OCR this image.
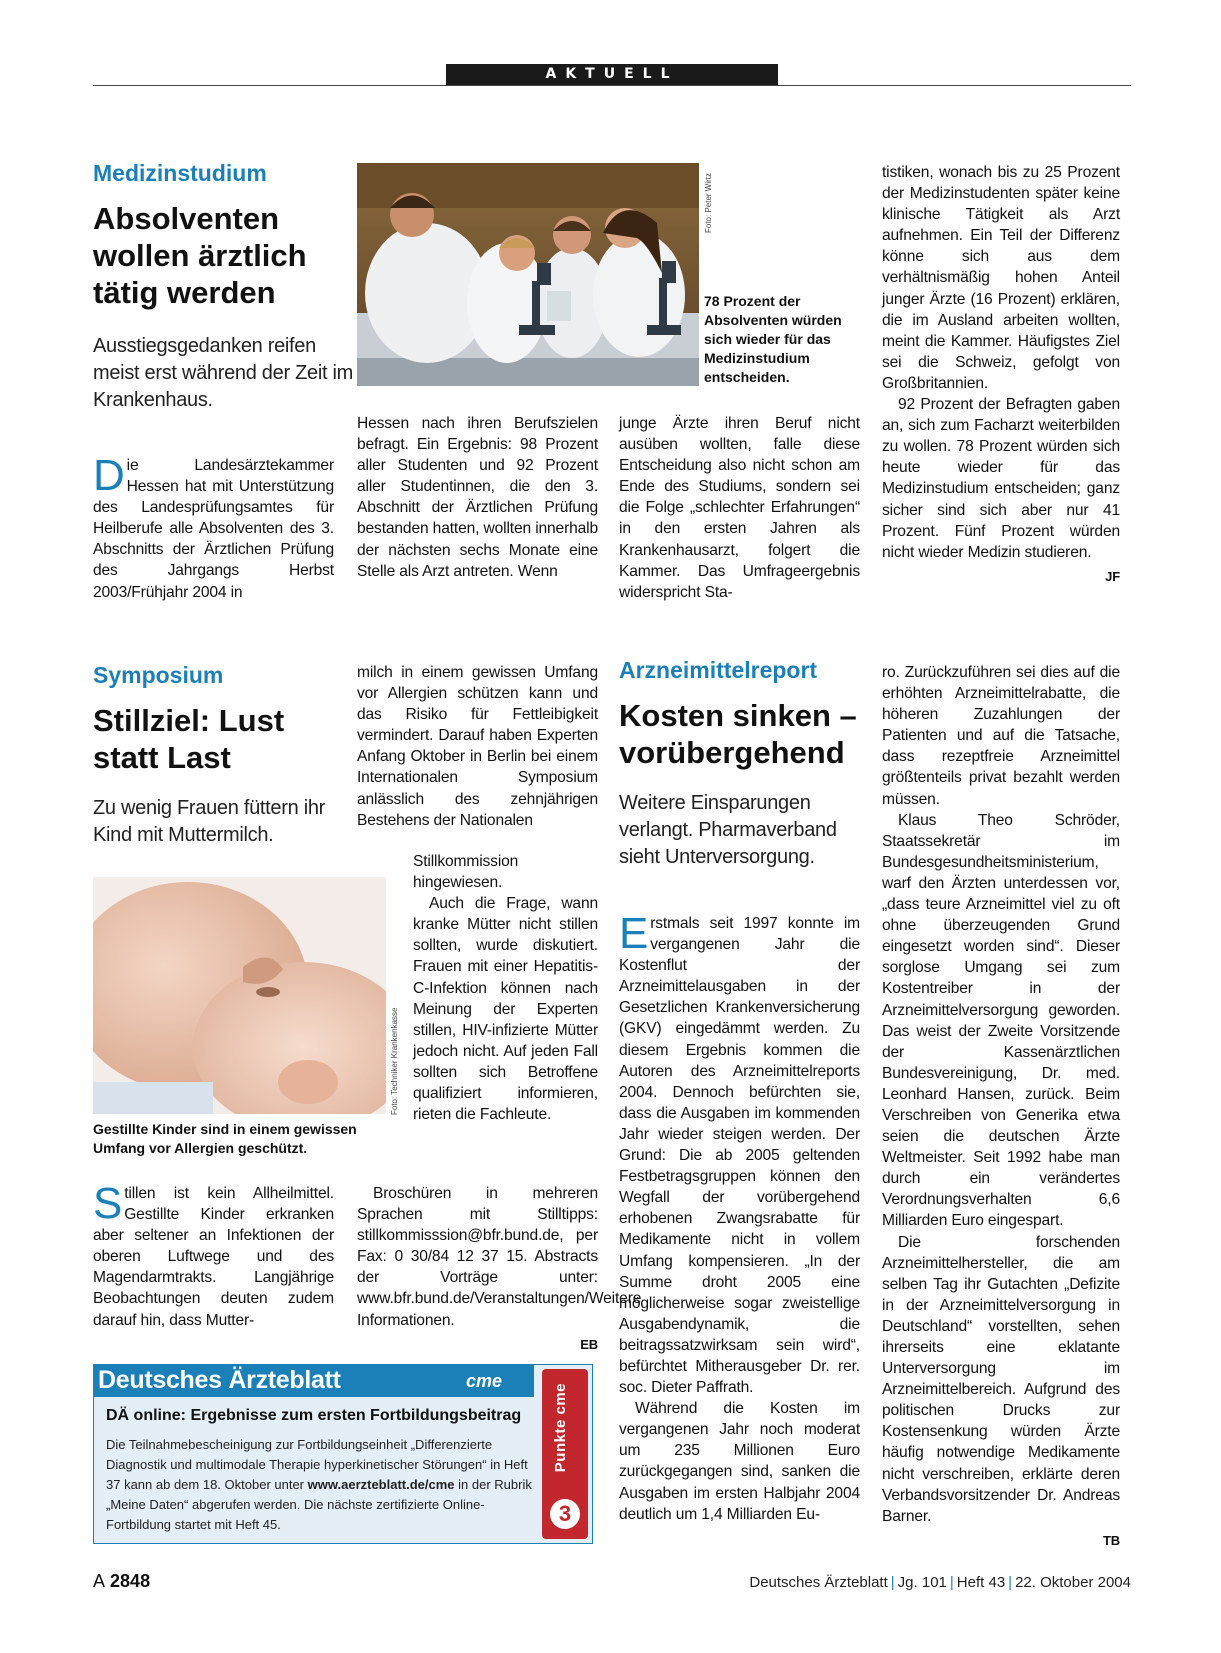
AKTUELL
Medizinstudium
Absolventen wollen ärztlich tätig werden
Ausstiegsgedanken reifen meist erst während der Zeit im Krankenhaus.

Die Landesärztekammer Hessen hat mit Unterstützung des Landesprüfungsamtes für Heilberufe alle Absolventen des 3. Abschnitts der Ärztlichen Prüfung des Jahrgangs Herbst 2003/Frühjahr 2004 in

Foto: Peter Wirtz
78 Prozent der Absolventen würden sich wieder für das Medizinstudium entscheiden.

Hessen nach ihren Berufszielen befragt. Ein Ergebnis: 98 Prozent aller Studenten und 92 Prozent aller Studentinnen, die den 3. Abschnitt der Ärztlichen Prüfung bestanden hatten, wollten innerhalb der nächsten sechs Monate eine Stelle als Arzt antreten. Wenn

junge Ärzte ihren Beruf nicht ausüben wollten, falle diese Entscheidung also nicht schon am Ende des Studiums, sondern sei die Folge „schlechter Erfahrungen“ in den ersten Jahren als Krankenhausarzt, folgert die Kammer. Das Umfrageergebnis widerspricht Sta-

tistiken, wonach bis zu 25 Prozent der Medizinstudenten später keine klinische Tätigkeit als Arzt aufnehmen. Ein Teil der Differenz könne sich aus dem verhältnismäßig hohen Anteil junger Ärzte (16 Prozent) erklären, die im Ausland arbeiten wollten, meint die Kammer. Häufigstes Ziel sei die Schweiz, gefolgt von Großbritannien.

92 Prozent der Befragten gaben an, sich zum Facharzt weiterbilden zu wollen. 78 Prozent würden sich heute wieder für das Medizinstudium entscheiden; ganz sicher sind sich aber nur 41 Prozent. Fünf Prozent würden nicht wieder Medizin studieren.

JF
Symposium
Stillziel: Lust statt Last
Zu wenig Frauen füttern ihr Kind mit Muttermilch.
Foto: Techniker Krankenkasse
Gestillte Kinder sind in einem gewissen Umfang vor Allergien geschützt.

Stillen ist kein Allheilmittel. Gestillte Kinder erkranken aber seltener an Infektionen der oberen Luftwege und des Magendarmtrakts. Langjährige Beobachtungen deuten zudem darauf hin, dass Mutter-

milch in einem gewissen Umfang vor Allergien schützen kann und das Risiko für Fettleibigkeit vermindert. Darauf haben Experten Anfang Oktober in Berlin bei einem Internationalen Symposium anlässlich des zehnjährigen Bestehens der Nationalen

Stillkommission hingewiesen.

Auch die Frage, wann kranke Mütter nicht stillen sollten, wurde diskutiert. Frauen mit einer Hepatitis-C-Infektion können nach Meinung der Experten stillen, HIV-infizierte Mütter jedoch nicht. Auf jeden Fall sollten sich Betroffene qualifiziert informieren, rieten die Fachleute.

Broschüren in mehreren Sprachen mit Stilltipps: stillkommisssion@bfr.bund.de, per Fax: 0 30/84 12 37 15. Abstracts der Vorträge unter: www.bfr.bund.de/Veranstaltungen/Weitere Informationen.

EB
Deutsches Ärzteblatt	cme
DÄ online: Ergebnisse zum ersten Fortbildungsbeitrag
Die Teilnahmebescheinigung zur Fortbildungseinheit „Differenzierte Diagnostik und multimodale Therapie hyperkinetischer Störungen“ in Heft 37 kann ab dem 18. Oktober unter www.aerzteblatt.de/cme in der Rubrik „Meine Daten“ abgerufen werden. Die nächste zertifizierte Online-Fortbildung startet mit Heft 45.
Punkte cme
3
Arzneimittelreport
Kosten sinken – vorübergehend
Weitere Einsparungen verlangt. Pharmaverband sieht Unterversorgung.

Erstmals seit 1997 konnte im vergangenen Jahr die Kostenflut der Arzneimittelausgaben in der Gesetzlichen Krankenversicherung (GKV) eingedämmt werden. Zu diesem Ergebnis kommen die Autoren des Arzneimittelreports 2004. Dennoch befürchten sie, dass die Ausgaben im kommenden Jahr wieder steigen werden. Der Grund: Die ab 2005 geltenden Festbetragsgruppen können den Wegfall der vorübergehend erhobenen Zwangsrabatte für Medikamente nicht in vollem Umfang kompensieren. „In der Summe droht 2005 eine möglicherweise sogar zweistellige Ausgabendynamik, die beitragssatzwirksam sein wird“, befürchtet Mitherausgeber Dr. rer. soc. Dieter Paffrath.

Während die Kosten im vergangenen Jahr noch moderat um 235 Millionen Euro zurückgegangen sind, sanken die Ausgaben im ersten Halbjahr 2004 deutlich um 1,4 Milliarden Eu-

ro. Zurückzuführen sei dies auf die erhöhten Arzneimittelrabatte, die höheren Zuzahlungen der Patienten und auf die Tatsache, dass rezeptfreie Arzneimittel größtenteils privat bezahlt werden müssen.

Klaus Theo Schröder, Staatssekretär im Bundesgesundheitsministerium, warf den Ärzten unterdessen vor, „dass teure Arzneimittel viel zu oft ohne überzeugenden Grund eingesetzt worden sind“. Dieser sorglose Umgang sei zum Kostentreiber in der Arzneimittelversorgung geworden. Das weist der Zweite Vorsitzende der Kassenärztlichen Bundesvereinigung, Dr. med. Leonhard Hansen, zurück. Beim Verschreiben von Generika etwa seien die deutschen Ärzte Weltmeister. Seit 1992 habe man durch ein verändertes Verordnungsverhalten 6,6 Milliarden Euro eingespart.

Die forschenden Arzneimittelhersteller, die am selben Tag ihr Gutachten „Defizite in der Arzneimittelversorgung in Deutschland“ vorstellten, sehen ihrerseits eine eklatante Unterversorgung im Arzneimittelbereich. Aufgrund des politischen Drucks zur Kostensenkung würden Ärzte häufig notwendige Medikamente nicht verschreiben, erklärte deren Verbandsvorsitzender Dr. Andreas Barner.

TB
A 2848	Deutsches Ärzteblatt | Jg. 101 | Heft 43 | 22. Oktober 2004
